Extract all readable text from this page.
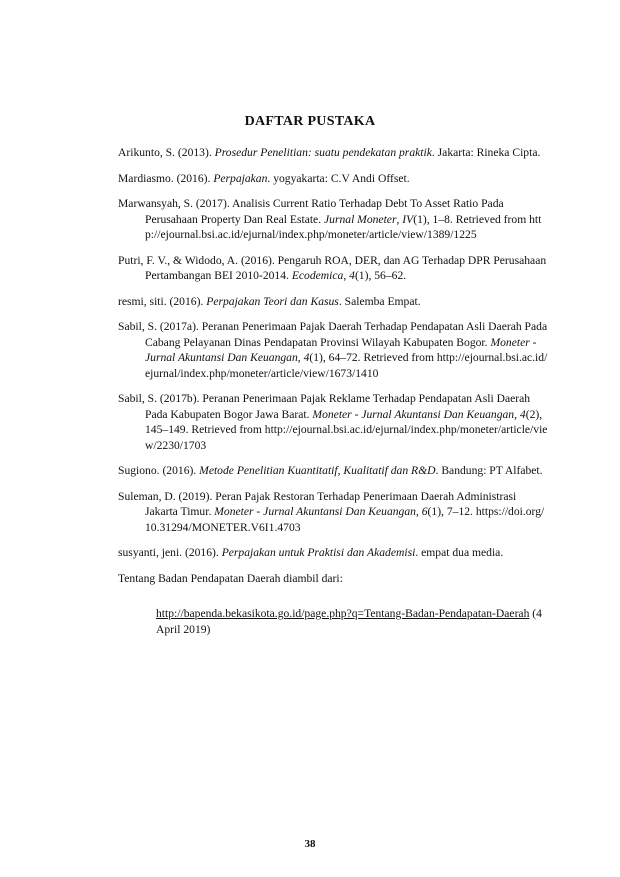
DAFTAR PUSTAKA

Arikunto, S. (2013). Prosedur Penelitian: suatu pendekatan praktik. Jakarta: Rineka Cipta.

Mardiasmo. (2016). Perpajakan. yogyakarta: C.V Andi Offset.

Marwansyah, S. (2017). Analisis Current Ratio Terhadap Debt To Asset Ratio Pada Perusahaan Property Dan Real Estate. Jurnal Moneter, IV(1), 1–8. Retrieved from http://ejournal.bsi.ac.id/ejurnal/index.php/moneter/article/view/1389/1225

Putri, F. V., & Widodo, A. (2016). Pengaruh ROA, DER, dan AG Terhadap DPR Perusahaan Pertambangan BEI 2010-2014. Ecodemica, 4(1), 56–62.

resmi, siti. (2016). Perpajakan Teori dan Kasus. Salemba Empat.

Sabil, S. (2017a). Peranan Penerimaan Pajak Daerah Terhadap Pendapatan Asli Daerah Pada Cabang Pelayanan Dinas Pendapatan Provinsi Wilayah Kabupaten Bogor. Moneter - Jurnal Akuntansi Dan Keuangan, 4(1), 64–72. Retrieved from http://ejournal.bsi.ac.id/ejurnal/index.php/moneter/article/view/1673/1410

Sabil, S. (2017b). Peranan Penerimaan Pajak Reklame Terhadap Pendapatan Asli Daerah Pada Kabupaten Bogor Jawa Barat. Moneter - Jurnal Akuntansi Dan Keuangan, 4(2), 145–149. Retrieved from http://ejournal.bsi.ac.id/ejurnal/index.php/moneter/article/view/2230/1703

Sugiono. (2016). Metode Penelitian Kuantitatif, Kualitatif dan R&D. Bandung: PT Alfabet.

Suleman, D. (2019). Peran Pajak Restoran Terhadap Penerimaan Daerah Administrasi Jakarta Timur. Moneter - Jurnal Akuntansi Dan Keuangan, 6(1), 7–12. https://doi.org/10.31294/MONETER.V6I1.4703

susyanti, jeni. (2016). Perpajakan untuk Praktisi dan Akademisi. empat dua media.

Tentang Badan Pendapatan Daerah diambil dari:

http://bapenda.bekasikota.go.id/page.php?q=Tentang-Badan-Pendapatan-Daerah (4 April 2019)

38
